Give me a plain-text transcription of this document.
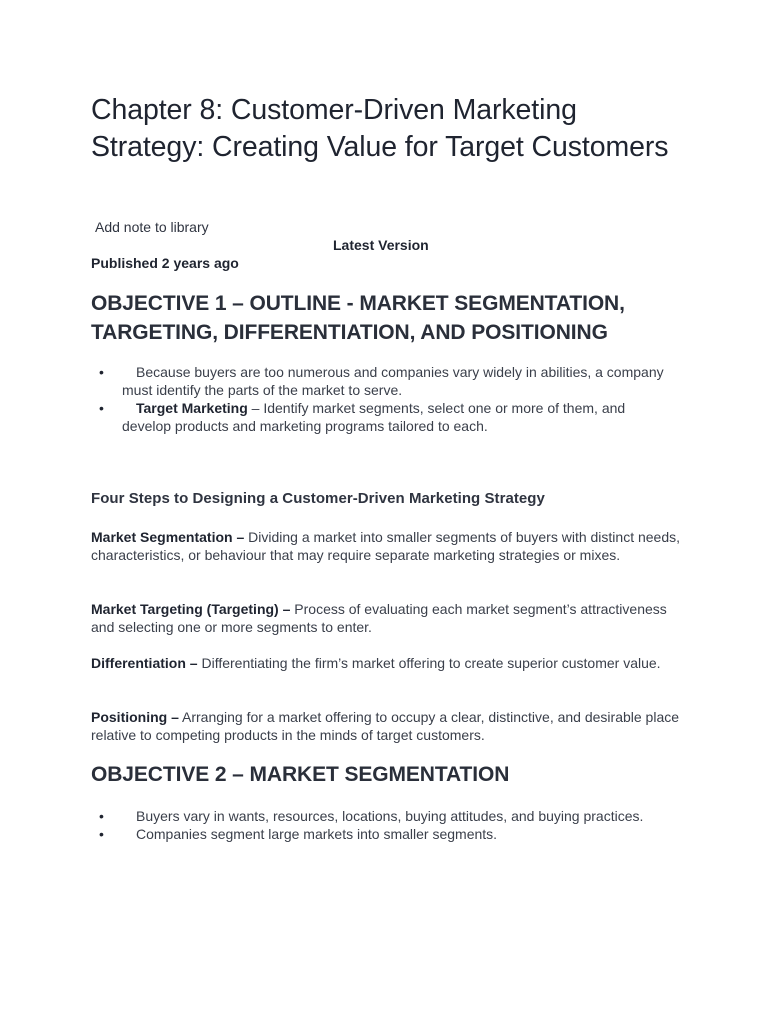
Chapter 8: Customer-Driven Marketing Strategy: Creating Value for Target Customers
Add note to library
Latest Version
Published 2 years ago
OBJECTIVE 1 – OUTLINE - MARKET SEGMENTATION, TARGETING, DIFFERENTIATION, AND POSITIONING
•	Because buyers are too numerous and companies vary widely in abilities, a company must identify the parts of the market to serve.
•	Target Marketing – Identify market segments, select one or more of them, and develop products and marketing programs tailored to each.
Four Steps to Designing a Customer-Driven Marketing Strategy

Market Segmentation – Dividing a market into smaller segments of buyers with distinct needs, characteristics, or behaviour that may require separate marketing strategies or mixes.

Market Targeting (Targeting) – Process of evaluating each market segment’s attractiveness and selecting one or more segments to enter.

Differentiation – Differentiating the firm’s market offering to create superior customer value.

Positioning – Arranging for a market offering to occupy a clear, distinctive, and desirable place relative to competing products in the minds of target customers.

OBJECTIVE 2 – MARKET SEGMENTATION
•	Buyers vary in wants, resources, locations, buying attitudes, and buying practices.
•	Companies segment large markets into smaller segments.
